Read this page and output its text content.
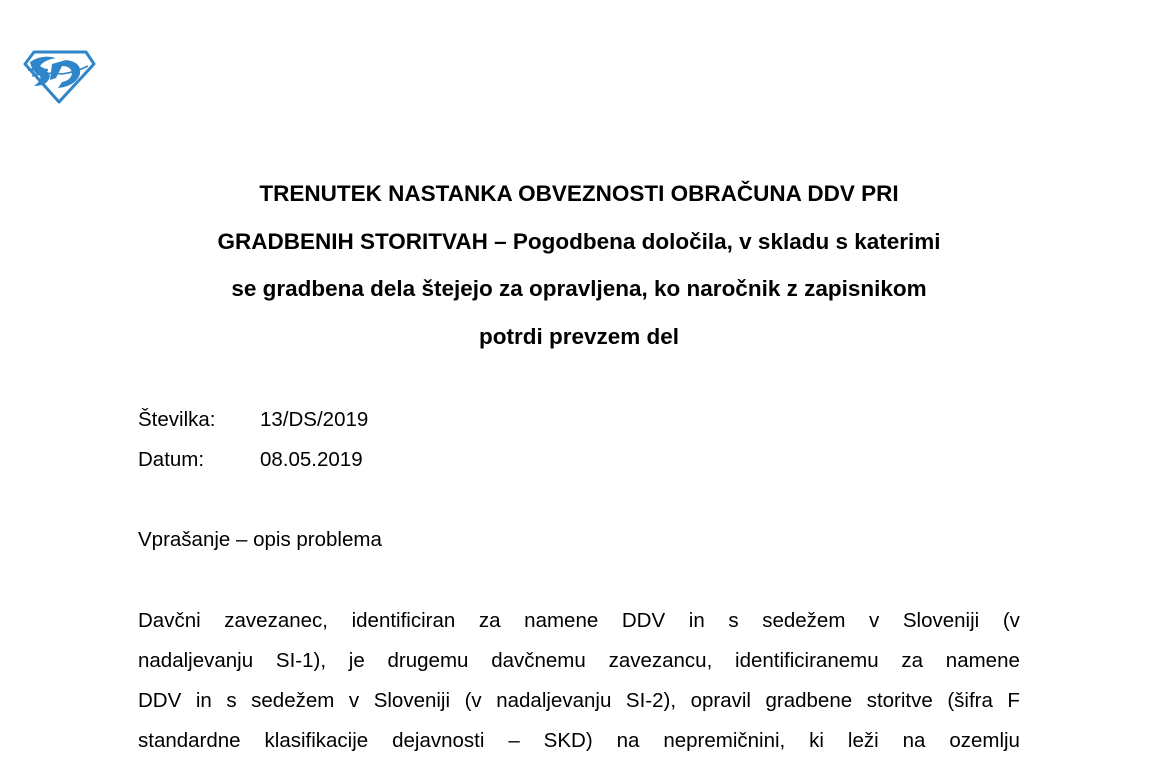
TRENUTEK NASTANKA OBVEZNOSTI OBRAČUNA DDV PRI
GRADBENIH STORITVAH – Pogodbena določila, v skladu s katerimi
se gradbena dela štejejo za opravljena, ko naročnik z zapisnikom
potrdi prevzem del
Številka:	13/DS/2019
Datum:	08.05.2019
Vprašanje – opis problema
Davčni zavezanec, identificiran za namene DDV in s sedežem v Sloveniji (v
nadaljevanju SI-1), je drugemu davčnemu zavezancu, identificiranemu za namene
DDV in s sedežem v Sloveniji (v nadaljevanju SI-2), opravil gradbene storitve (šifra F
standardne klasifikacije dejavnosti – SKD) na nepremičnini, ki leži na ozemlju
